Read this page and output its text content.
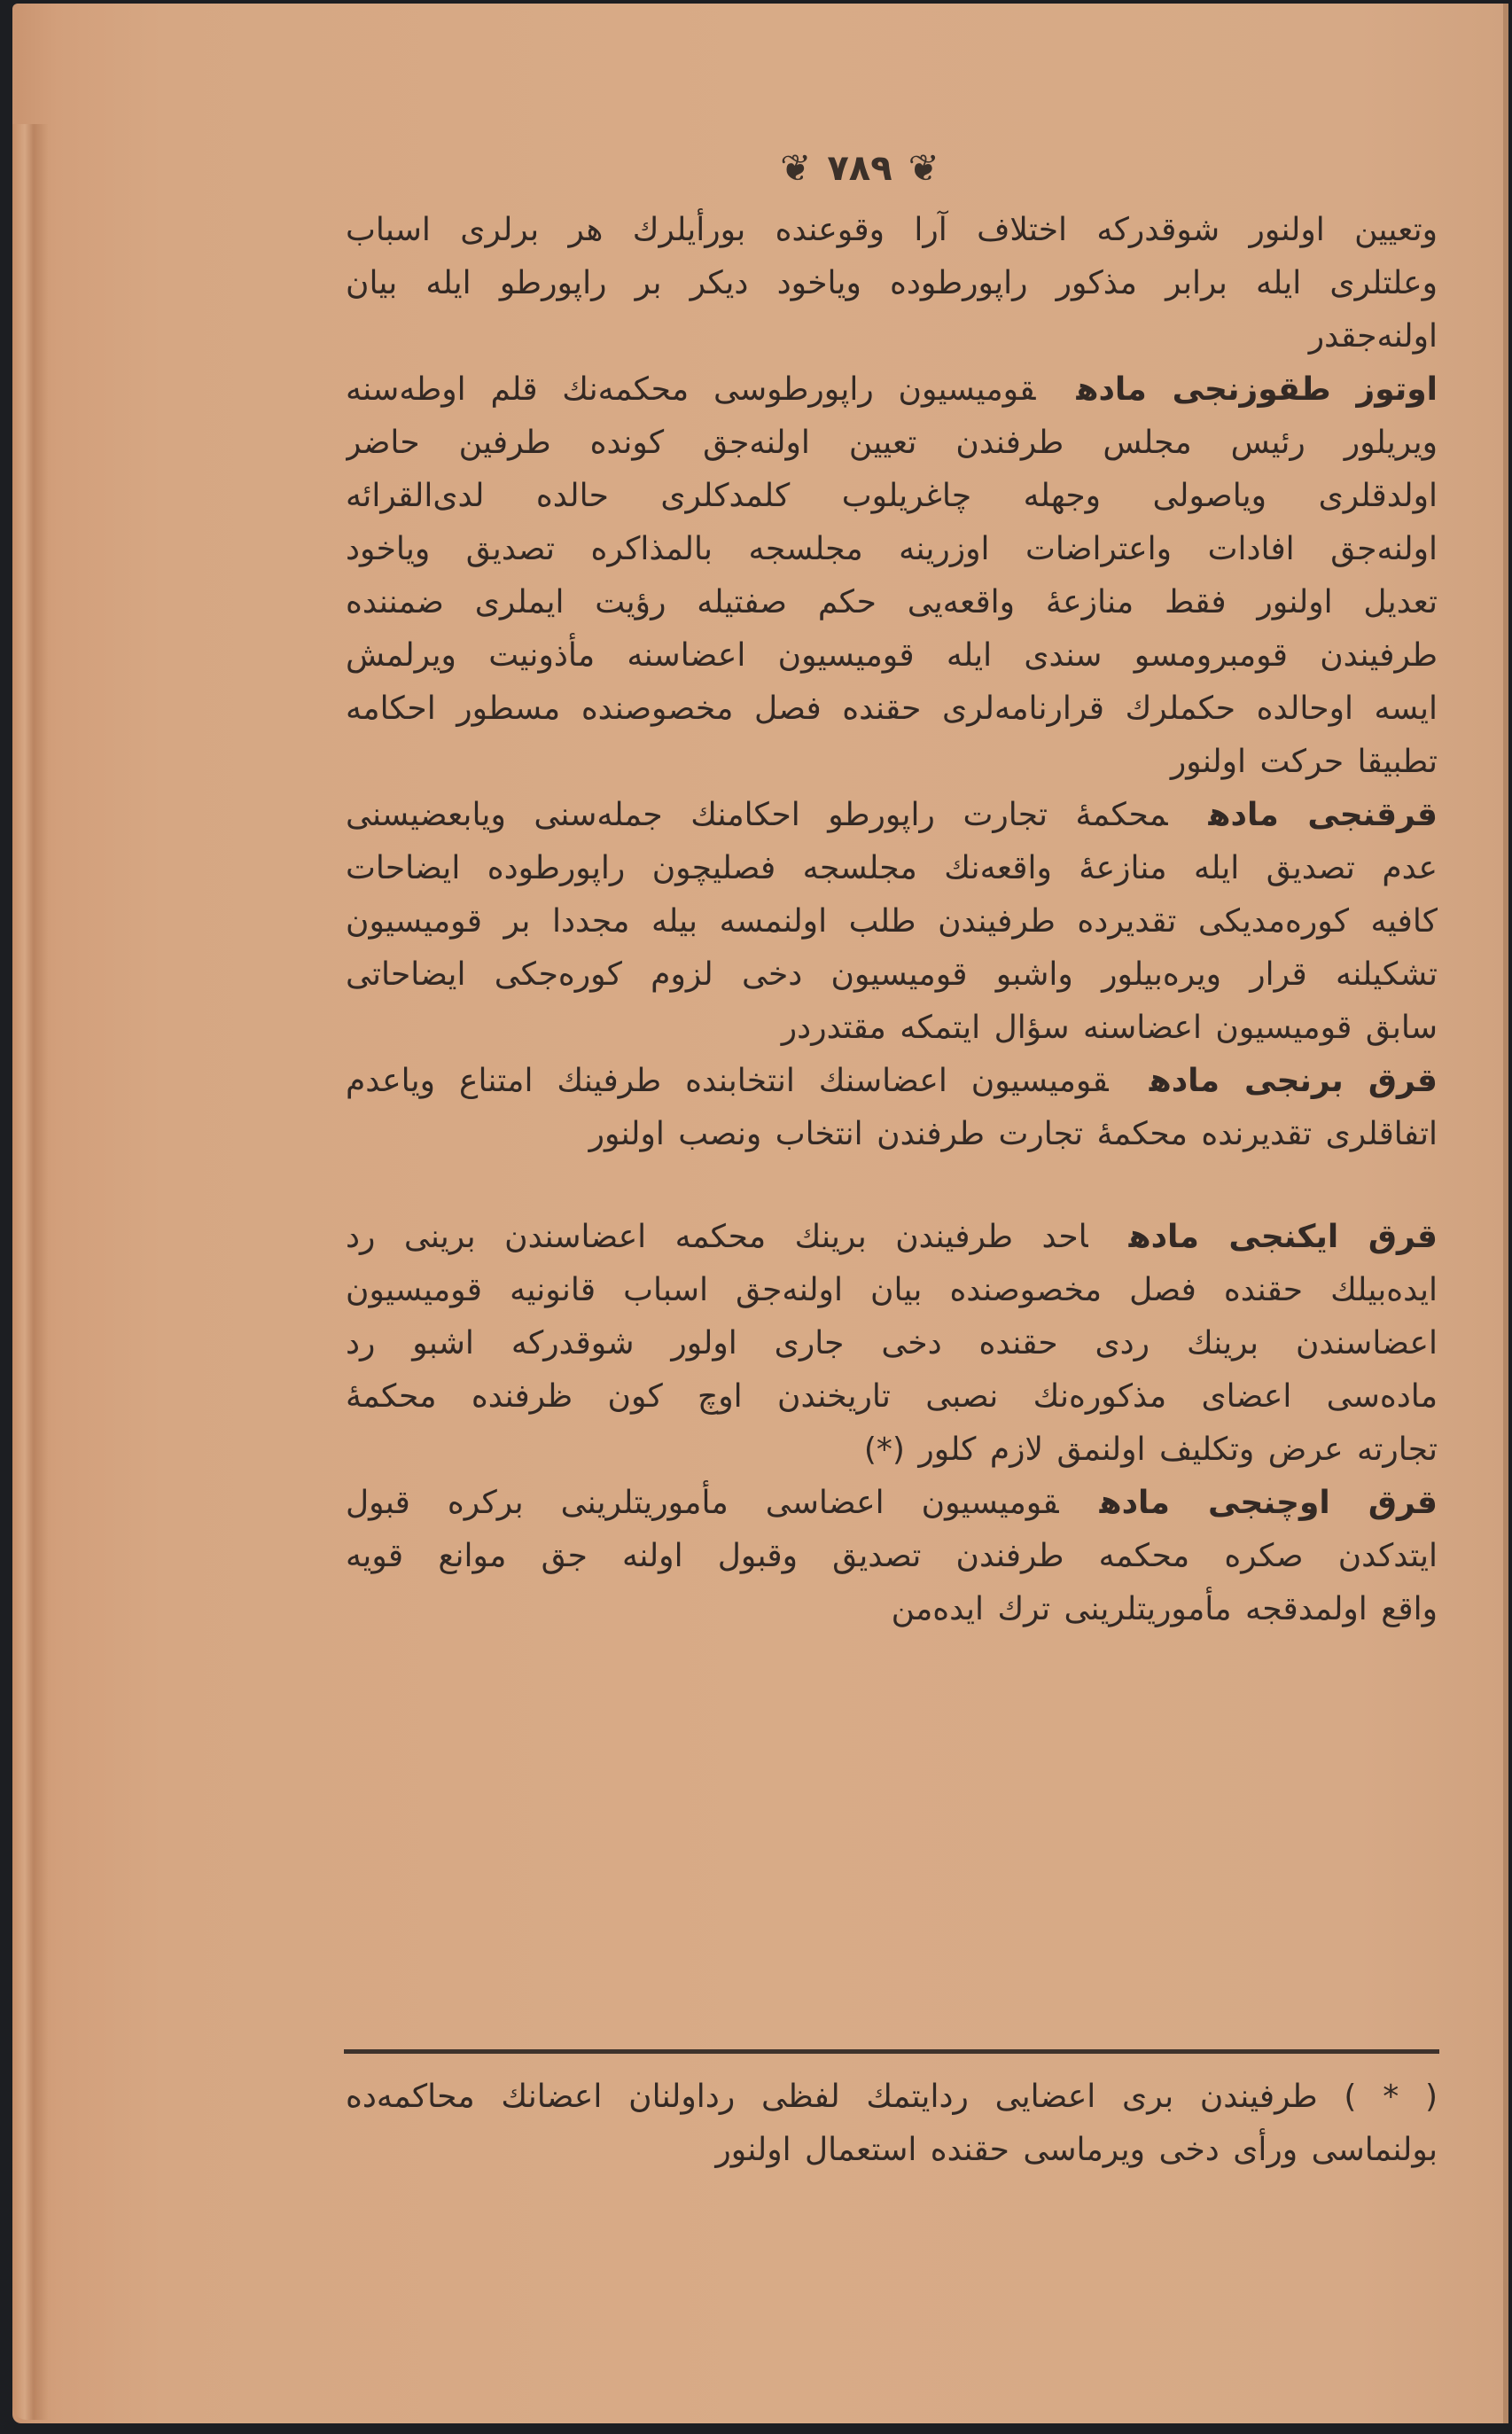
❦ ٧٨٩ ❦
وتعيين اولنور شوقدركه اختلاف آرا وقوعنده بورأيلرك هر برلرى اسباب
وعلتلرى ايله برابر مذكور راپورطوده وياخود ديكر بر راپورطو ايله بيان
اولنه‌جقدر
اوتوز طقوزنجى مادهقوميسيون راپورطوسى محكمه‌نك قلم اوطه‌سنه
ويريلور رئيس مجلس طرفندن تعيين اولنه‌جق كونده طرفين حاضر
اولدقلرى وياصولى وجهله چاغريلوب كلمدكلرى حالده لدى‌القرائه
اولنه‌جق افادات واعتراضات اوزرينه مجلسجه بالمذاكره تصديق وياخود
تعديل اولنور فقط منازعهٔ واقعه‌يى حكم صفتيله رؤيت ايملرى ضمننده
طرفيندن قومبرومسو سندى ايله قوميسيون اعضاسنه مأذونيت ويرلمش
ايسه اوحالده حكملرك قرارنامه‌لرى حقنده فصل مخصوصنده مسطور احكامه
تطبيقا حركت اولنور
قرقنجى مادهمحكمهٔ تجارت راپورطو احكامنك جمله‌سنى ويابعضيسنى
عدم تصديق ايله منازعهٔ واقعه‌نك مجلسجه فصليچون راپورطوده ايضاحات
كافيه كوره‌مديكى تقديرده طرفيندن طلب اولنمسه بيله مجددا بر قوميسيون
تشكيلنه قرار ويره‌بيلور واشبو قوميسيون دخى لزوم كوره‌جكى ايضاحاتى
سابق قوميسيون اعضاسنه سؤال ايتمكه مقتدردر
قرق برنجى مادهقوميسيون اعضاسنك انتخابنده طرفينك امتناع وياعدم
اتفاقلرى تقديرنده محكمهٔ تجارت طرفندن انتخاب ونصب اولنور
قرق ايكنجى مادهاحد طرفيندن برينك محكمه اعضاسندن برينى رد
ايده‌بيلك حقنده فصل مخصوصنده بيان اولنه‌جق اسباب قانونيه قوميسيون
اعضاسندن برينك ردى حقنده دخى جارى اولور شوقدركه اشبو رد
ماده‌سى اعضاى مذكوره‌نك نصبى تاريخندن اوچ كون ظرفنده محكمهٔ
تجارته عرض وتكليف اولنمق لازم كلور (*)
قرق اوچنجى مادهقوميسيون اعضاسى مأموريتلرينى بركره قبول
ايتدكدن صكره محكمه طرفندن تصديق وقبول اولنه جق موانع قويه
واقع اولمدقجه مأموريتلرينى ترك ايده‌من
( * ) طرفيندن برى اعضايى ردايتمك لفظى رداولنان اعضانك محاكمه‌ده
بولنماسى ورأى دخى ويرماسى حقنده استعمال اولنور
